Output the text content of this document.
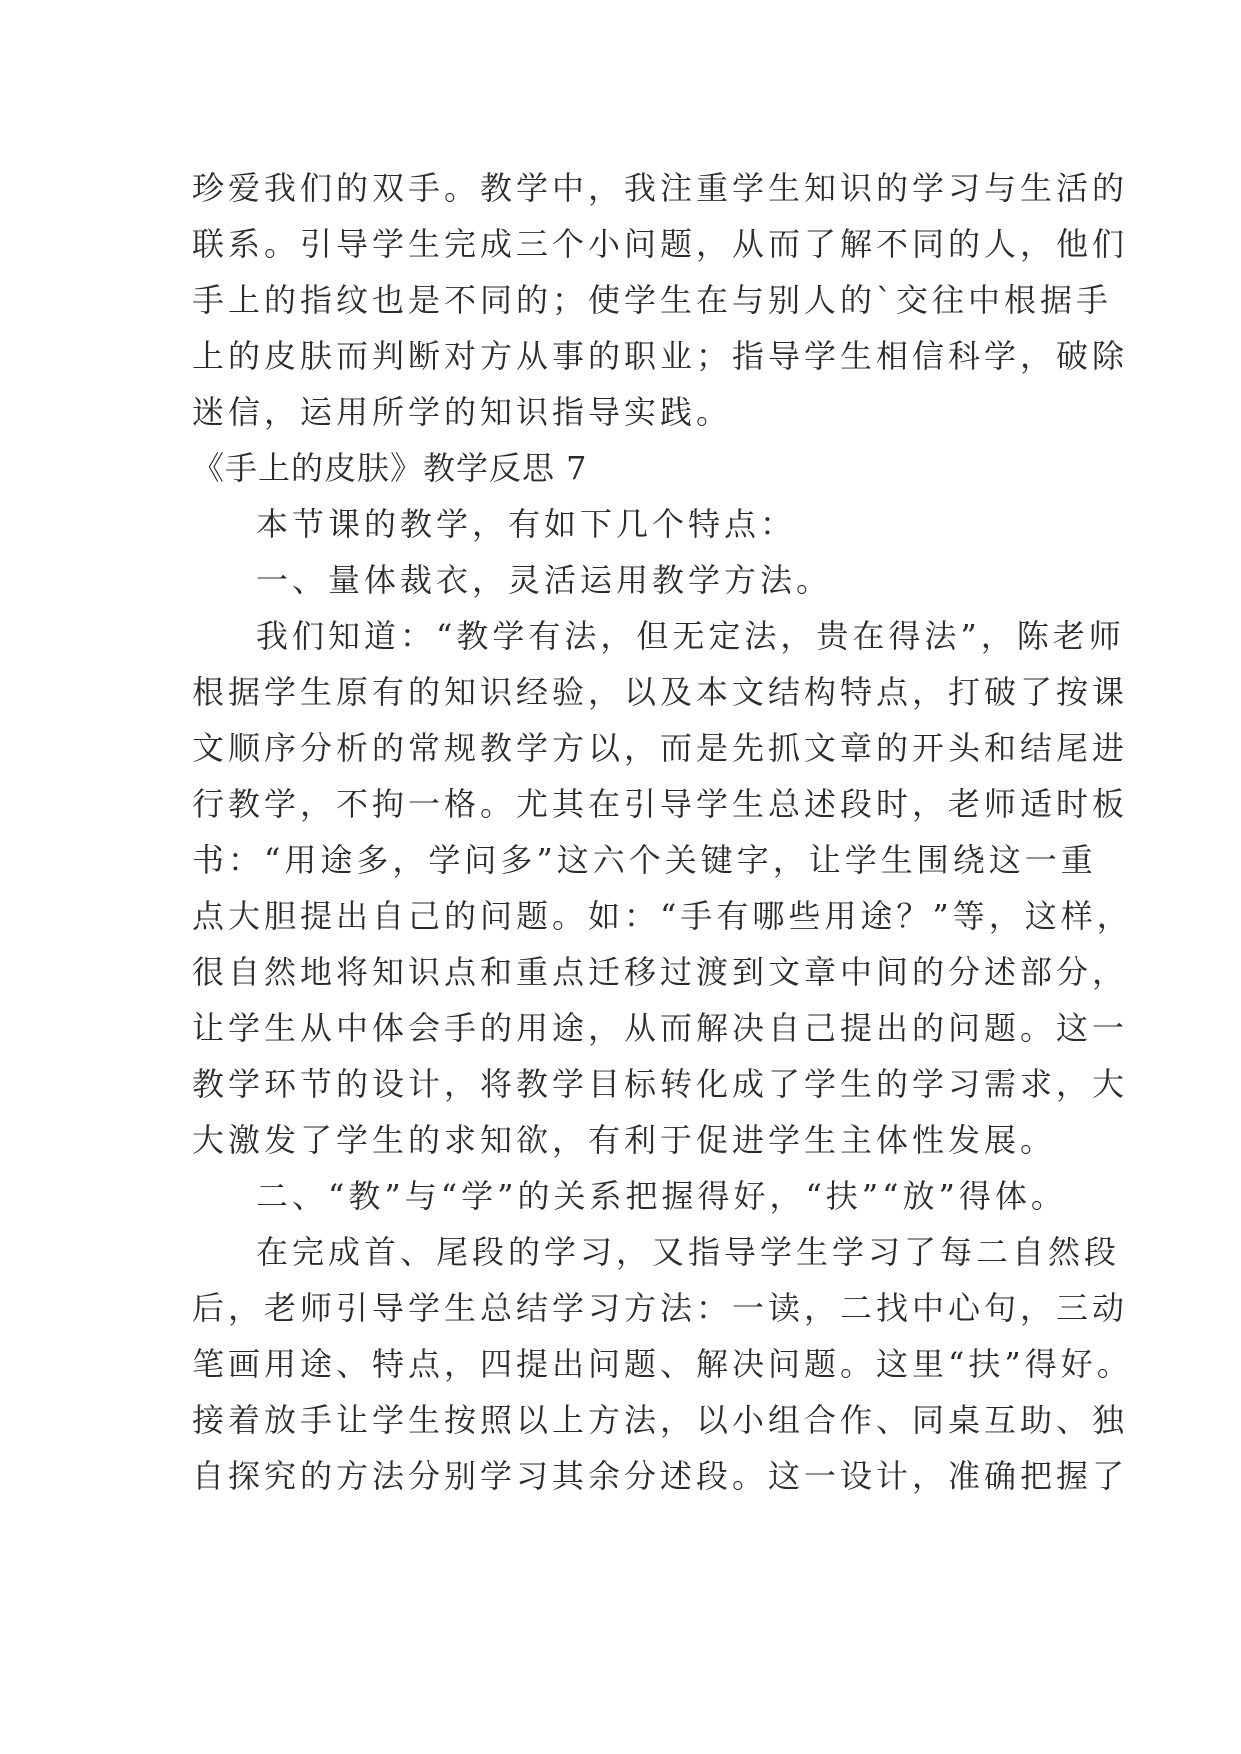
珍爱我们的双手。教学中，我注重学生知识的学习与生活的
联系。引导学生完成三个小问题，从而了解不同的人，他们
手上的指纹也是不同的；使学生在与别人的`交往中根据手
上的皮肤而判断对方从事的职业；指导学生相信科学，破除
迷信，运用所学的知识指导实践。
《手上的皮肤》教学反思 7
本节课的教学，有如下几个特点：
一、量体裁衣，灵活运用教学方法。
我们知道：“教学有法，但无定法，贵在得法”，陈老师
根据学生原有的知识经验，以及本文结构特点，打破了按课
文顺序分析的常规教学方以，而是先抓文章的开头和结尾进
行教学，不拘一格。尤其在引导学生总述段时，老师适时板
书：“用途多，学问多”这六个关键字，让学生围绕这一重
点大胆提出自己的问题。如：“手有哪些用途？”等，这样，
很自然地将知识点和重点迁移过渡到文章中间的分述部分，
让学生从中体会手的用途，从而解决自己提出的问题。这一
教学环节的设计，将教学目标转化成了学生的学习需求，大
大激发了学生的求知欲，有利于促进学生主体性发展。
二、“教”与“学”的关系把握得好，“扶”“放”得体。
在完成首、尾段的学习，又指导学生学习了每二自然段
后，老师引导学生总结学习方法：一读，二找中心句，三动
笔画用途、特点，四提出问题、解决问题。这里“扶”得好。
接着放手让学生按照以上方法，以小组合作、同桌互助、独
自探究的方法分别学习其余分述段。这一设计，准确把握了
